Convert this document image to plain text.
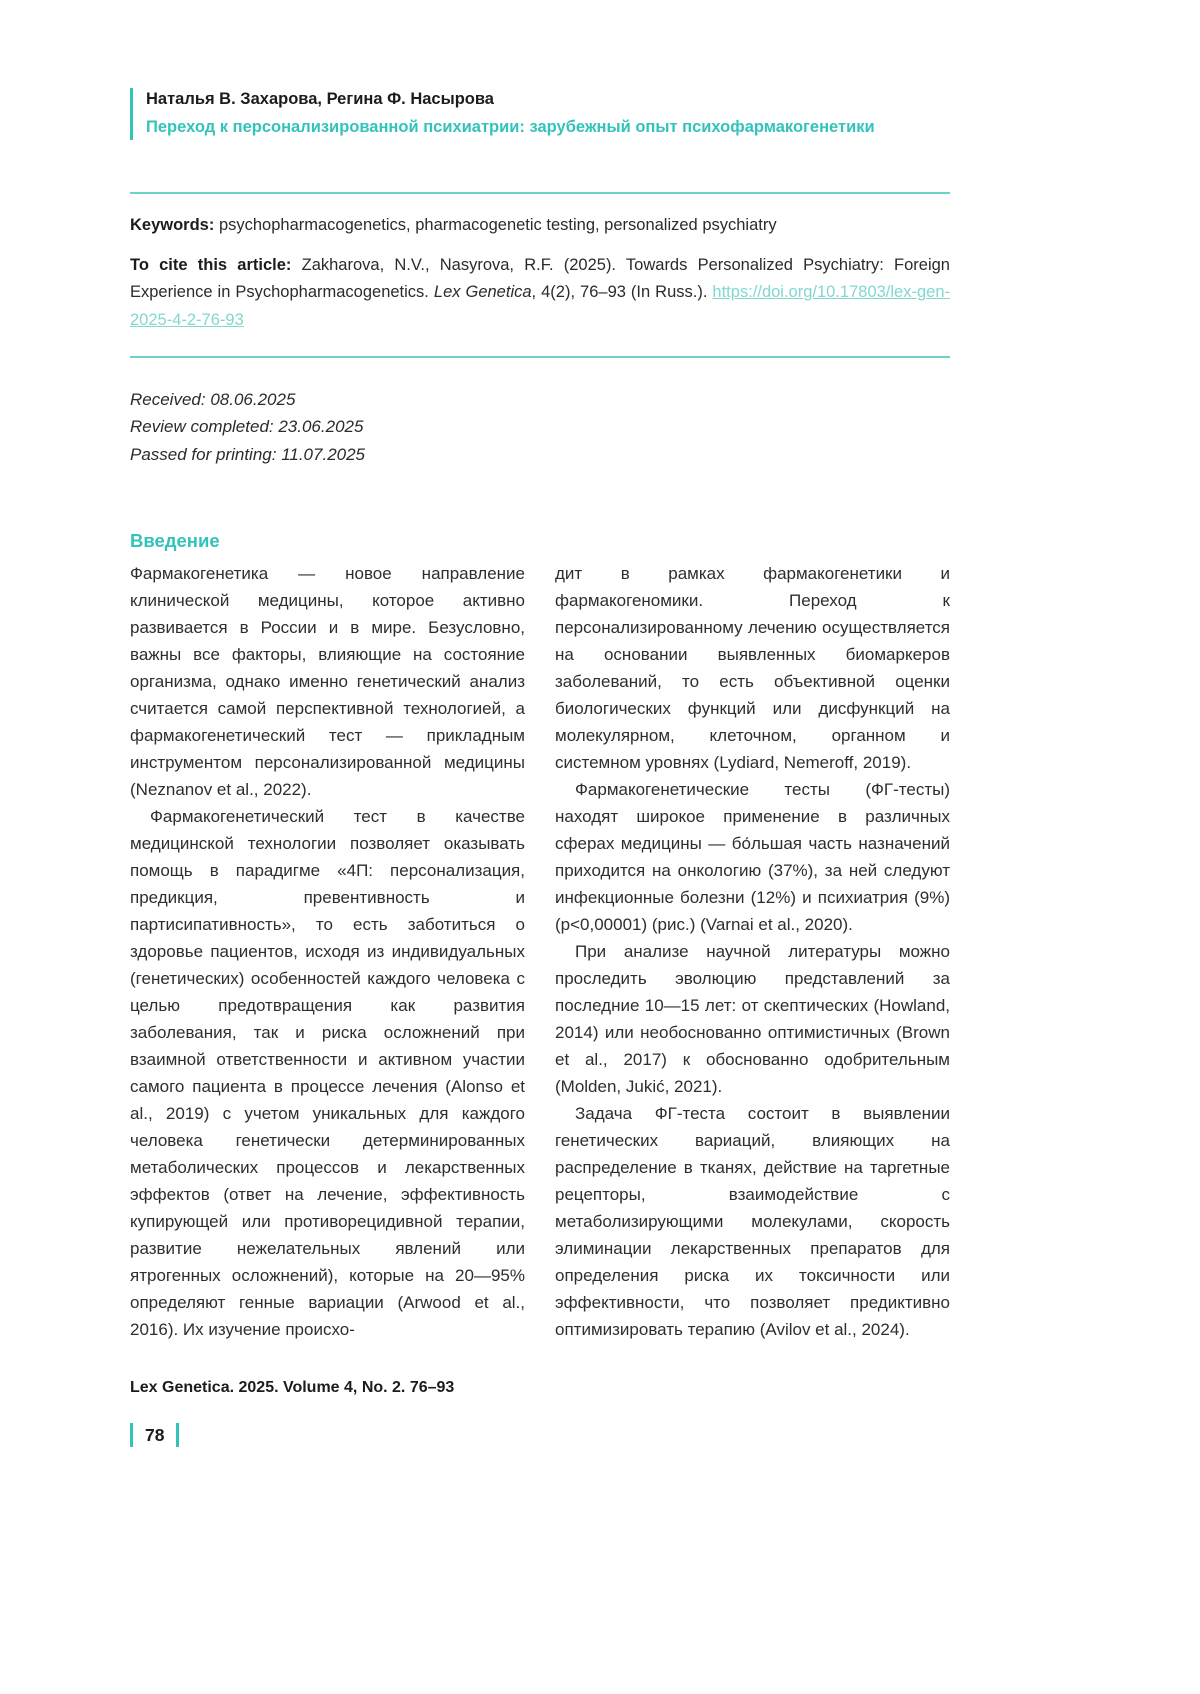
Наталья В. Захарова, Регина Ф. Насырова
Переход к персонализированной психиатрии: зарубежный опыт психофармакогенетики

Keywords: psychopharmacogenetics, pharmacogenetic testing, personalized psychiatry

To cite this article: Zakharova, N.V., Nasyrova, R.F. (2025). Towards Personalized Psychiatry: Foreign Experience in Psychopharmacogenetics. Lex Genetica, 4(2), 76–93 (In Russ.). https://doi.org/10.17803/lex-gen-2025-4-2-76-93

Received: 08.06.2025

Review completed: 23.06.2025

Passed for printing: 11.07.2025

Введение

Фармакогенетика — новое направление клинической медицины, которое активно развивается в России и в мире. Безусловно, важны все факторы, влияющие на состояние организма, однако именно генетический анализ считается самой перспективной технологией, а фармакогенетический тест — прикладным инструментом персонализированной медицины (Neznanov et al., 2022).

Фармакогенетический тест в качестве медицинской технологии позволяет оказывать помощь в парадигме «4П: персонализация, предикция, превентивность и партисипативность», то есть заботиться о здоровье пациентов, исходя из индивидуальных (генетических) особенностей каждого человека с целью предотвращения как развития заболевания, так и риска осложнений при взаимной ответственности и активном участии самого пациента в процессе лечения (Alonso et al., 2019) с учетом уникальных для каждого человека генетически детерминированных метаболических процессов и лекарственных эффектов (ответ на лечение, эффективность купирующей или противорецидивной терапии, развитие нежелательных явлений или ятрогенных осложнений), которые на 20—95% определяют генные вариации (Arwood et al., 2016). Их изучение происхо-

дит в рамках фармакогенетики и фармакогеномики. Переход к персонализированному лечению осуществляется на основании выявленных биомаркеров заболеваний, то есть объективной оценки биологических функций или дисфункций на молекулярном, клеточном, органном и системном уровнях (Lydiard, Nemeroff, 2019).

Фармакогенетические тесты (ФГ-тесты) находят широкое применение в различных сферах медицины — бо́льшая часть назначений приходится на онкологию (37%), за ней следуют инфекционные болезни (12%) и психиатрия (9%) (p<0,00001) (рис.) (Varnai et al., 2020).

При анализе научной литературы можно проследить эволюцию представлений за последние 10—15 лет: от скептических (Howland, 2014) или необоснованно оптимистичных (Brown et al., 2017) к обоснованно одобрительным (Molden, Jukić, 2021).

Задача ФГ-теста состоит в выявлении генетических вариаций, влияющих на распределение в тканях, действие на таргетные рецепторы, взаимодействие с метаболизирующими молекулами, скорость элиминации лекарственных препаратов для определения риска их токсичности или эффективности, что позволяет предиктивно оптимизировать терапию (Avilov et al., 2024).

Lex Genetica. 2025. Volume 4, No. 2. 76–93
78
